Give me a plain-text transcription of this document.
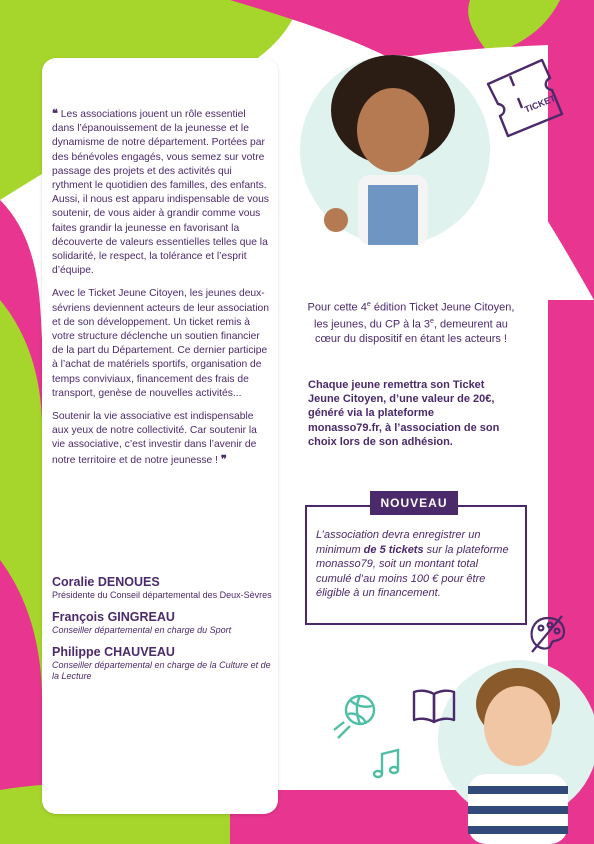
❝ Les associations jouent un rôle essentiel dans l’épanouissement de la jeunesse et le dynamisme de notre département. Portées par des bénévoles engagés, vous semez sur votre passage des projets et des activités qui rythment le quotidien des familles, des enfants. Aussi, il nous est apparu indispensable de vous soutenir, de vous aider à grandir comme vous faites grandir la jeunesse en favorisant la découverte de valeurs essentielles telles que la solidarité, le respect, la tolérance et l’esprit d’équipe.

Avec le Ticket Jeune Citoyen, les jeunes deux-sévriens deviennent acteurs de leur association et de son développement. Un ticket remis à votre structure déclenche un soutien financier de la part du Département. Ce dernier participe à l’achat de matériels sportifs, organisation de temps conviviaux, financement des frais de transport, genèse de nouvelles activités...

Soutenir la vie associative est indispensable aux yeux de notre collectivité. Car soutenir la vie associative, c’est investir dans l’avenir de notre territoire et de notre jeunesse ! ❞

Coralie DENOUES
Présidente du Conseil départemental des Deux-Sèvres
François GINGREAU
Conseiller départemental en charge du Sport
Philippe CHAUVEAU
Conseiller départemental en charge de la Culture et de la Lecture
TICKET
Pour cette 4e édition Ticket Jeune Citoyen, les jeunes, du CP à la 3e, demeurent au cœur du dispositif en étant les acteurs !
Chaque jeune remettra son Ticket Jeune Citoyen, d’une valeur de 20€, généré via la plateforme monasso79.fr, à l’association de son choix lors de son adhésion.
NOUVEAU
L’association devra enregistrer un minimum de 5 tickets sur la plateforme monasso79, soit un montant total cumulé d’au moins 100 € pour être éligible à un financement.
